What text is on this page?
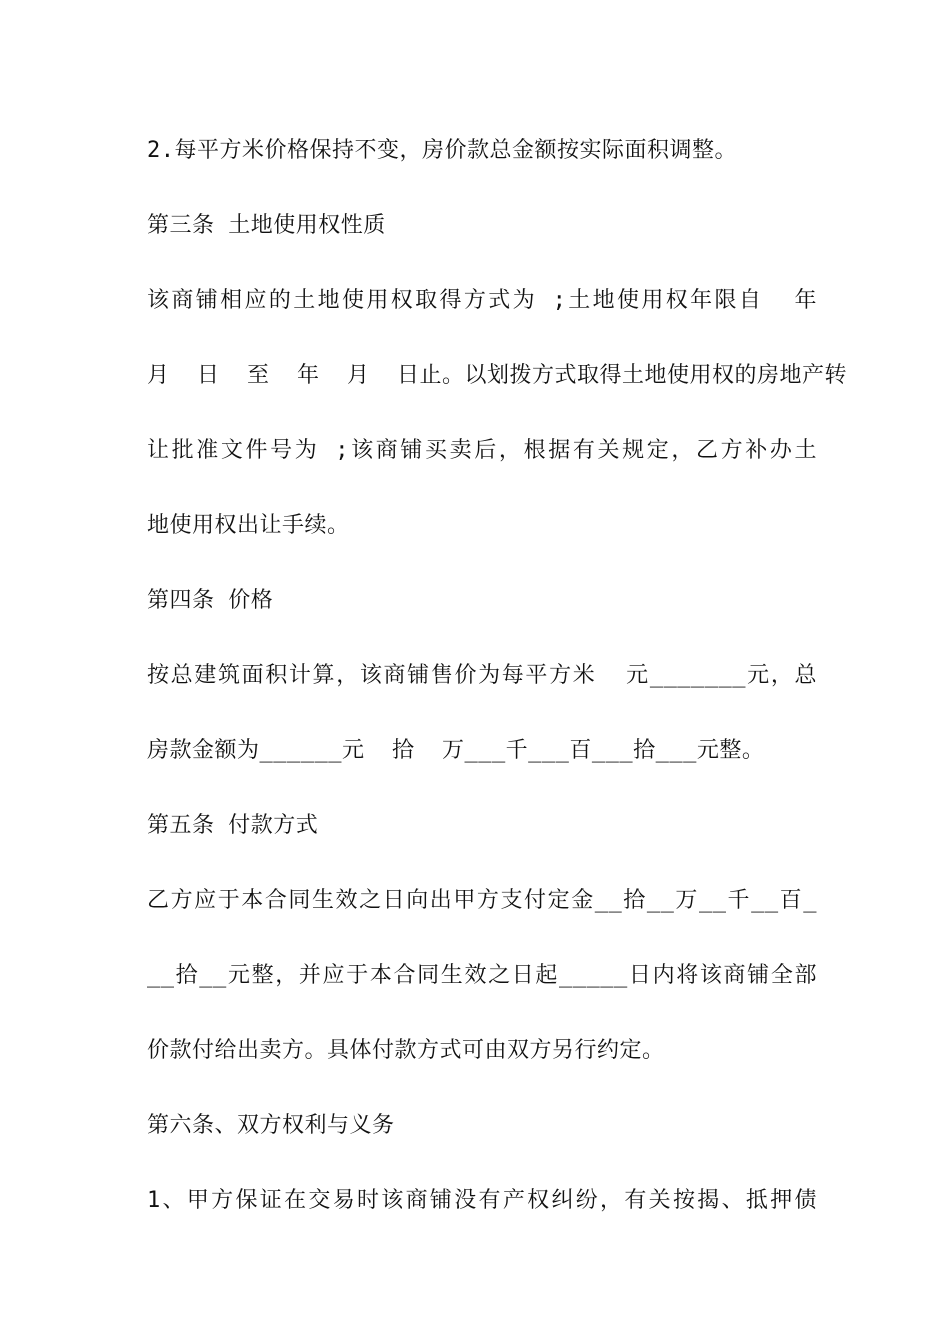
2.每平方米价格保持不变，房价款总金额按实际面积调整。
第三条 土地使用权性质
该商铺相应的土地使用权取得方式为 ;土地使用权年限自  年
月  日  至  年  月  日止。以划拨方式取得土地使用权的房地产转
让批准文件号为 ;该商铺买卖后，根据有关规定，乙方补办土
地使用权出让手续。
第四条 价格
按总建筑面积计算，该商铺售价为每平方米  元_______元，总
房款金额为______元  拾  万___千___百___拾___元整。
第五条 付款方式
乙方应于本合同生效之日向出甲方支付定金__拾__万__千__百_
__拾__元整，并应于本合同生效之日起_____日内将该商铺全部
价款付给出卖方。具体付款方式可由双方另行约定。
第六条、双方权利与义务
1、甲方保证在交易时该商铺没有产权纠纷，有关按揭、抵押债
